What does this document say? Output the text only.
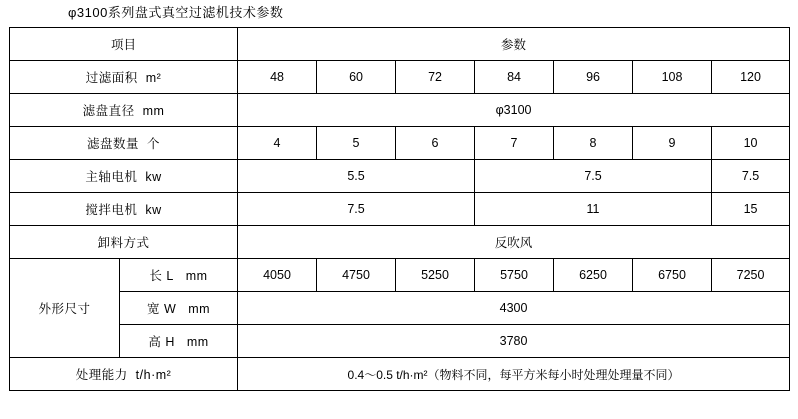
φ3100系列盘式真空过滤机技术参数
项目		参数						
过滤面积 m²		48	60	72	84	96	108	120
滤盘直径 mm		φ3100						
滤盘数量 个		4	5	6	7	8	9	10
主轴电机 kw		5.5			7.5			7.5
搅拌电机 kw		7.5			11			15
卸料方式		反吹风						
外形尺寸	长 L mm	4050	4750	5250	5750	6250	6750	7250
	宽 W mm	4300						
	高 H mm	3780						
处理能力 t/h·m²		0.4～0.5 t/h·m²（物料不同，每平方米每小时处理处理量不同）						
